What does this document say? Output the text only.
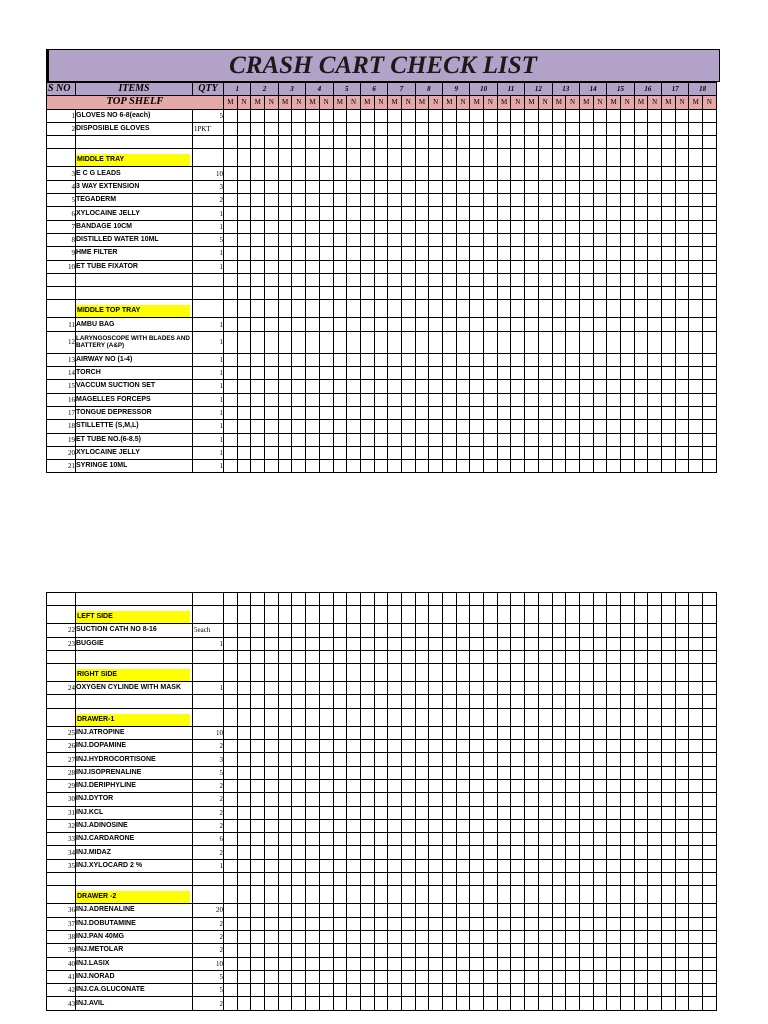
CRASH CART CHECK LIST
S NO	ITEMS	QTY	1		2		3		4		5		6		7		8		9		10		11		12		13		14		15		16		17		18	
TOP SHELF			M	N	M	N	M	N	M	N	M	N	M	N	M	N	M	N	M	N	M	N	M	N	M	N	M	N	M	N	M	N	M	N	M	N	M	N
1	GLOVES NO 6-8(each)	5																																				
2	DISPOSIBLE GLOVES	1PKT																																				

	MIDDLE TRAY																																					

3	E C G LEADS	10																																				
4	3 WAY EXTENSION	3																																				
5	TEGADERM	2																																				
6	XYLOCAINE JELLY	1																																				
7	BANDAGE 10CM	1																																				
8	DISTILLED WATER 10ML	5																																				
9	HME FILTER	1																																				
10	ET TUBE FIXATOR	1																																				

	MIDDLE TOP TRAY																																					

11	AMBU BAG	1																																				
12	LARYNGOSCOPE WITH BLADES AND BATTERY (A&P)	1																																				
13	AIRWAY NO (1-4)	1																																				
14	TORCH	1																																				
15	VACCUM SUCTION SET	1																																				
16	MAGELLES FORCEPS	1																																				
17	TONGUE DEPRESSOR	1																																				
18	STILLETTE (S,M,L)	1																																				
19	ET TUBE NO.(6-8.5)	1																																				
20	XYLOCAINE JELLY	1																																				
21	SYRINGE 10ML	1																																				

	LEFT SIDE																																					

22	SUCTION CATH NO 8-16	5each																																				
23	BUGGIE	1																																				

	RIGHT SIDE																																					

24	OXYGEN CYLINDE WITH MASK	1																																				

	DRAWER-1																																					

25	INJ.ATROPINE	10																																				
26	INJ.DOPAMINE	2																																				
27	INJ.HYDROCORTISONE	3																																				
28	INJ.ISOPRENALINE	5																																				
29	INJ.DERIPHYLINE	2																																				
30	INJ.DYTOR	2																																				
31	INJ.KCL	2																																				
32	INJ.ADINOSINE	2																																				
33	INJ.CARDARONE	6																																				
34	INJ.MIDAZ	2																																				
35	INJ.XYLOCARD 2 %	1																																				

	DRAWER -2																																					

36	INJ.ADRENALINE	20																																				
37	INJ.DOBUTAMINE	2																																				
38	INJ.PAN 40MG	2																																				
39	INJ.METOLAR	2																																				
40	INJ.LASIX	10																																				
41	INJ.NORAD	5																																				
42	INJ.CA.GLUCONATE	5																																				
43	INJ.AVIL	2																																				
